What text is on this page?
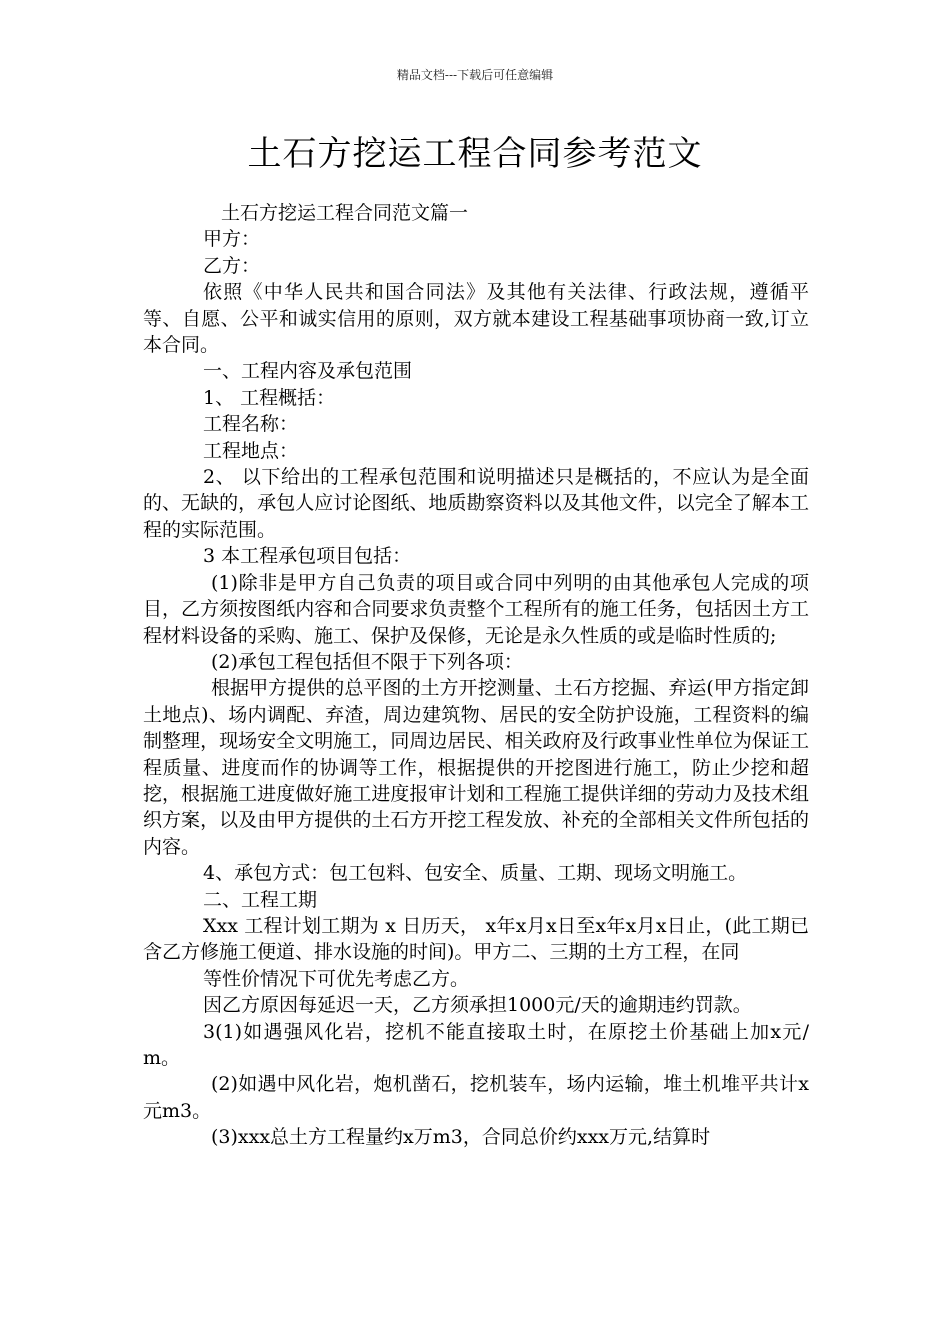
精品文档---下载后可任意编辑
土石方挖运工程合同参考范文

土石方挖运工程合同范文篇一

甲方：

乙方：

依照《中华人民共和国合同法》及其他有关法律、行政法规，遵循平等、自愿、公平和诚实信用的原则，双方就本建设工程基础事项协商一致,订立本合同。

一、工程内容及承包范围

1、 工程概括：

工程名称：

工程地点：

2、 以下给出的工程承包范围和说明描述只是概括的，不应认为是全面的、无缺的，承包人应讨论图纸、地质勘察资料以及其他文件，以完全了解本工程的实际范围。

3 本工程承包项目包括：

(1)除非是甲方自己负责的项目或合同中列明的由其他承包人完成的项目，乙方须按图纸内容和合同要求负责整个工程所有的施工任务，包括因土方工程材料设备的采购、施工、保护及保修，无论是永久性质的或是临时性质的;

(2)承包工程包括但不限于下列各项：

根据甲方提供的总平图的土方开挖测量、土石方挖掘、弃运(甲方指定卸土地点)、场内调配、弃渣，周边建筑物、居民的安全防护设施，工程资料的编制整理，现场安全文明施工，同周边居民、相关政府及行政事业性单位为保证工程质量、进度而作的协调等工作，根据提供的开挖图进行施工，防止少挖和超挖，根据施工进度做好施工进度报审计划和工程施工提供详细的劳动力及技术组织方案，以及由甲方提供的土石方开挖工程发放、补充的全部相关文件所包括的内容。

4、承包方式：包工包料、包安全、质量、工期、现场文明施工。

二、工程工期

Xxx 工程计划工期为 x 日历天， x年x月x日至x年x月x日止，(此工期已含乙方修施工便道、排水设施的时间)。甲方二、三期的土方工程，在同

等性价情况下可优先考虑乙方。

因乙方原因每延迟一天，乙方须承担1000元/天的逾期违约罚款。

3(1)如遇强风化岩，挖机不能直接取土时，在原挖土价基础上加x元/ m。

(2)如遇中风化岩，炮机凿石，挖机装车，场内运输，堆土机堆平共计x元m3。

(3)xxx总土方工程量约x万m3，合同总价约xxx万元,结算时
